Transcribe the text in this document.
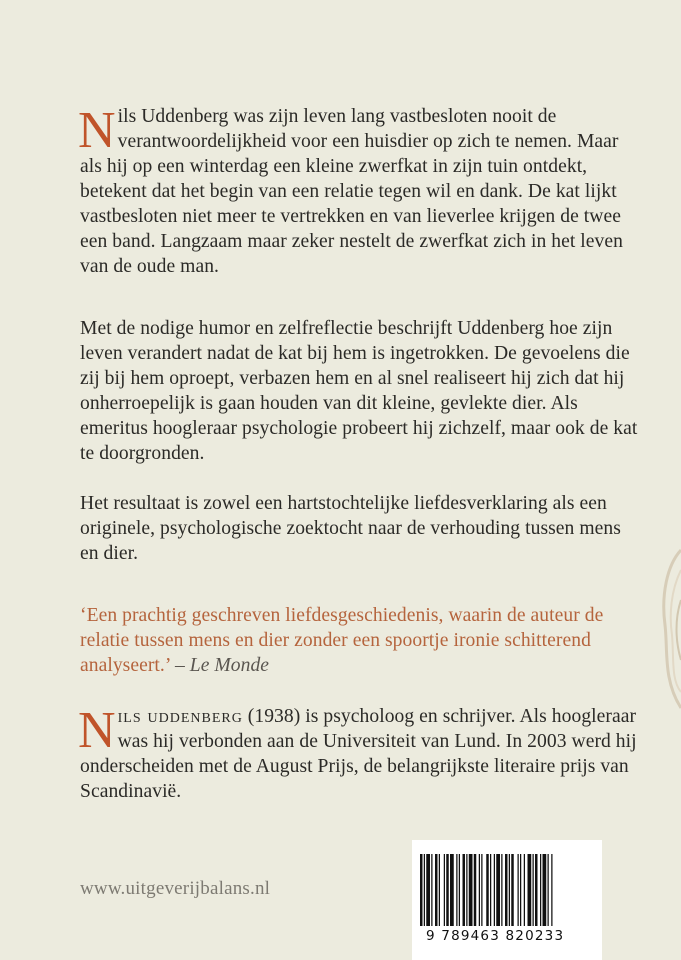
N ils Uddenberg was zijn leven lang vastbesloten nooit de verantwoordelijkheid voor een huisdier op zich te nemen. Maar als hij op een winterdag een kleine zwerfkat in zijn tuin ontdekt, betekent dat het begin van een relatie tegen wil en dank. De kat lijkt vastbesloten niet meer te vertrekken en van lieverlee krijgen de twee een band. Langzaam maar zeker nestelt de zwerfkat zich in het leven van de oude man.

Met de nodige humor en zelfreflectie beschrijft Uddenberg hoe zijn leven verandert nadat de kat bij hem is ingetrokken. De gevoelens die zij bij hem oproept, verbazen hem en al snel realiseert hij zich dat hij onherroepelijk is gaan houden van dit kleine, gevlekte dier. Als emeritus hoogleraar psychologie probeert hij zichzelf, maar ook de kat te doorgronden.

Het resultaat is zowel een hartstochtelijke liefdesverklaring als een originele, psychologische zoektocht naar de verhouding tussen mens en dier.

‘Een prachtig geschreven liefdesgeschiedenis, waarin de auteur de relatie tussen mens en dier zonder een spoortje ironie schitterend analyseert.’ – Le Monde

N ils uddenberg (1938) is psycholoog en schrijver. Als hoogleraar was hij verbonden aan de Universiteit van Lund. In 2003 werd hij onderscheiden met de August Prijs, de belangrijkste literaire prijs van Scandinavië.

www.uitgeverijbalans.nl
9 789463 820233
